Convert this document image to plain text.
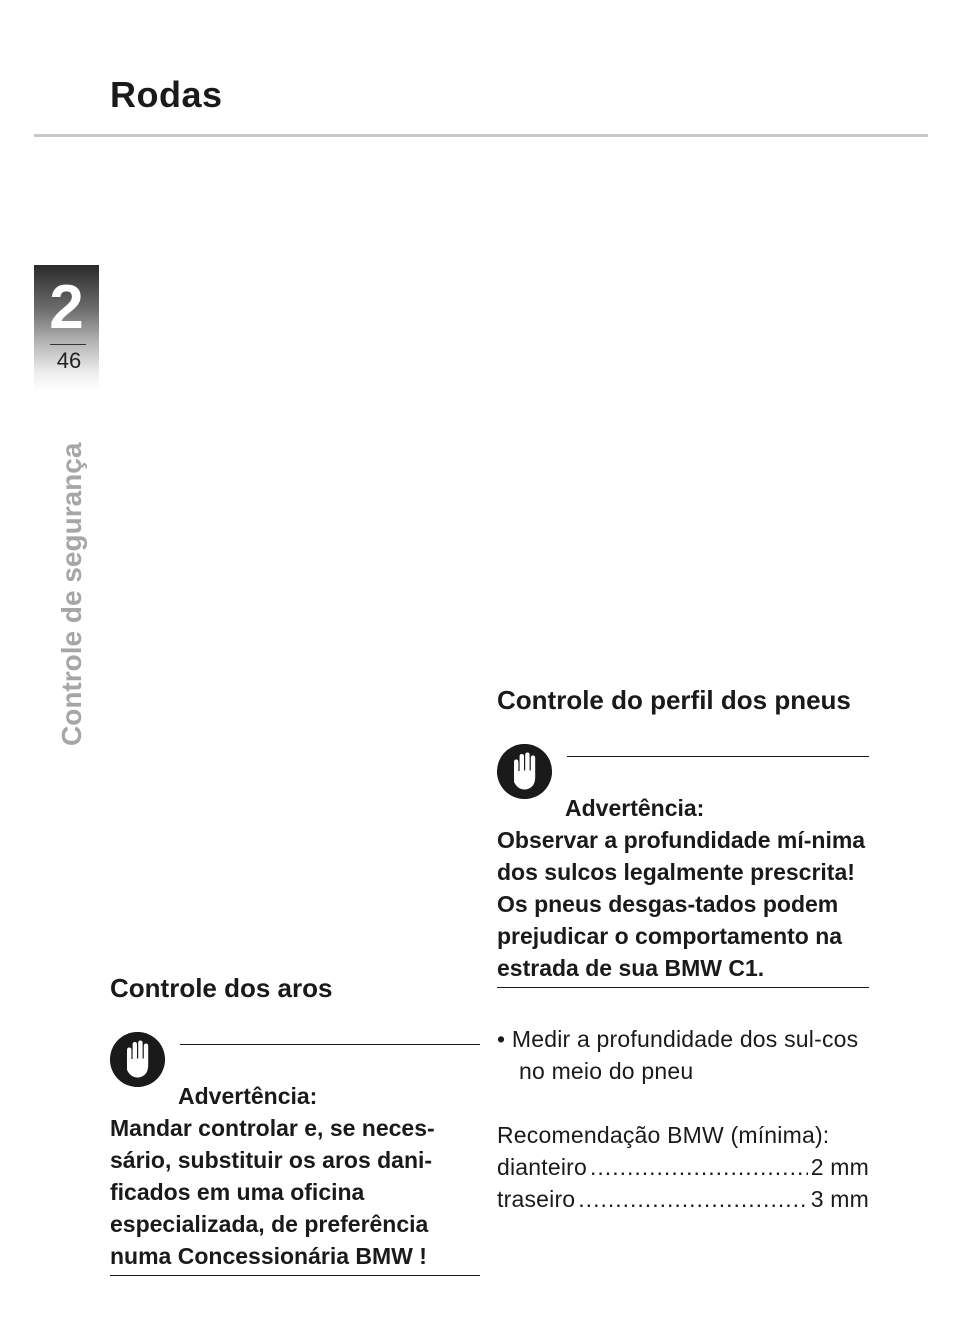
Rodas
2
46
Controle de segurança
Controle dos aros
Advertência:

Mandar controlar e, se neces-sário, substituir os aros dani-ficados em uma oficina especializada, de preferência numa Concessionária BMW !

Controle do perfil dos pneus
Advertência:

Observar a profundidade mí-nima dos sulcos legalmente prescrita! Os pneus desgas-tados podem prejudicar o comportamento na estrada de sua BMW C1.

• Medir a profundidade dos sul-cos no meio do pneu
Recomendação BMW (mínima):
dianteiro .....	2 mm
traseiro .....	3 mm
